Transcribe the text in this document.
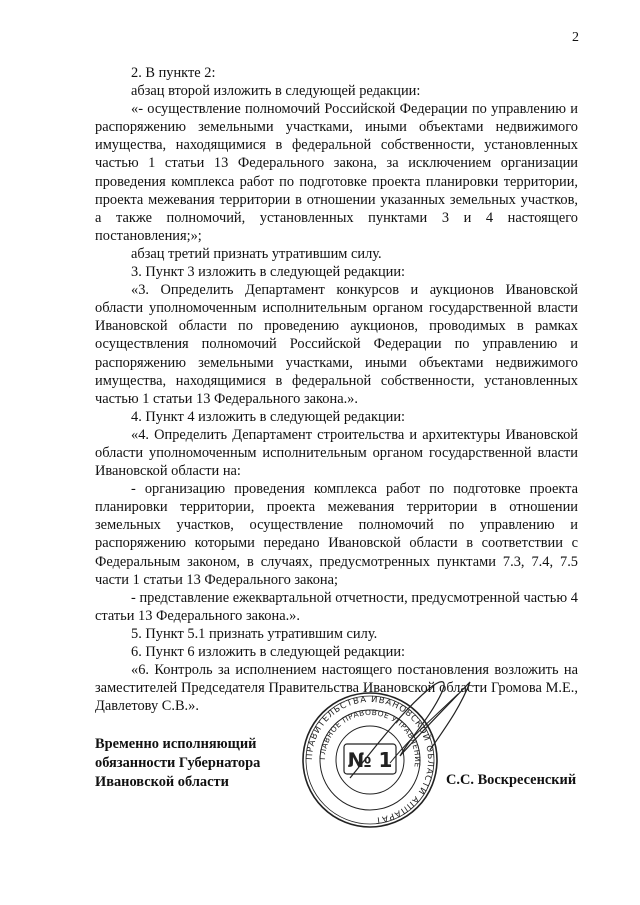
2

2. В пункте 2:

абзац второй изложить в следующей редакции:

«- осуществление полномочий Российской Федерации по управлению и распоряжению земельными участками, иными объектами недвижимого имущества, находящимися в федеральной собственности, установленных частью 1 статьи 13 Федерального закона, за исключением организации проведения комплекса работ по подготовке проекта планировки территории, проекта межевания территории в отношении указанных земельных участков, а также полномочий, установленных пунктами 3 и 4 настоящего постановления;»;

абзац третий признать утратившим силу.

3. Пункт 3 изложить в следующей редакции:

«3. Определить Департамент конкурсов и аукционов Ивановской области уполномоченным исполнительным органом государственной власти Ивановской области по проведению аукционов, проводимых в рамках осуществления полномочий Российской Федерации по управлению и распоряжению земельными участками, иными объектами недвижимого имущества, находящимися в федеральной собственности, установленных частью 1 статьи 13 Федерального закона.».

4. Пункт 4 изложить в следующей редакции:

«4. Определить Департамент строительства и архитектуры Ивановской области уполномоченным исполнительным органом государственной власти Ивановской области на:

- организацию проведения комплекса работ по подготовке проекта планировки территории, проекта межевания территории в отношении земельных участков, осуществление полномочий по управлению и распоряжению которыми передано Ивановской области в соответствии с Федеральным законом, в случаях, предусмотренных пунктами 7.3, 7.4, 7.5 части 1 статьи 13 Федерального закона;

- представление ежеквартальной отчетности, предусмотренной частью 4 статьи 13 Федерального закона.».

5. Пункт 5.1 признать утратившим силу.

6. Пункт 6 изложить в следующей редакции:

«6. Контроль за исполнением настоящего постановления возложить на заместителей Председателя Правительства Ивановской области Громова М.Е., Давлетову С.В.».

Временно исполняющий
обязанности Губернатора
Ивановской области
ПРАВИТЕЛЬСТВА ИВАНОВСКОЙ ОБЛАСТИ АППАРАТ
ГЛАВНОЕ ПРАВОВОЕ УПРАВЛЕНИЕ
№ 1
С.С. Воскресенский
